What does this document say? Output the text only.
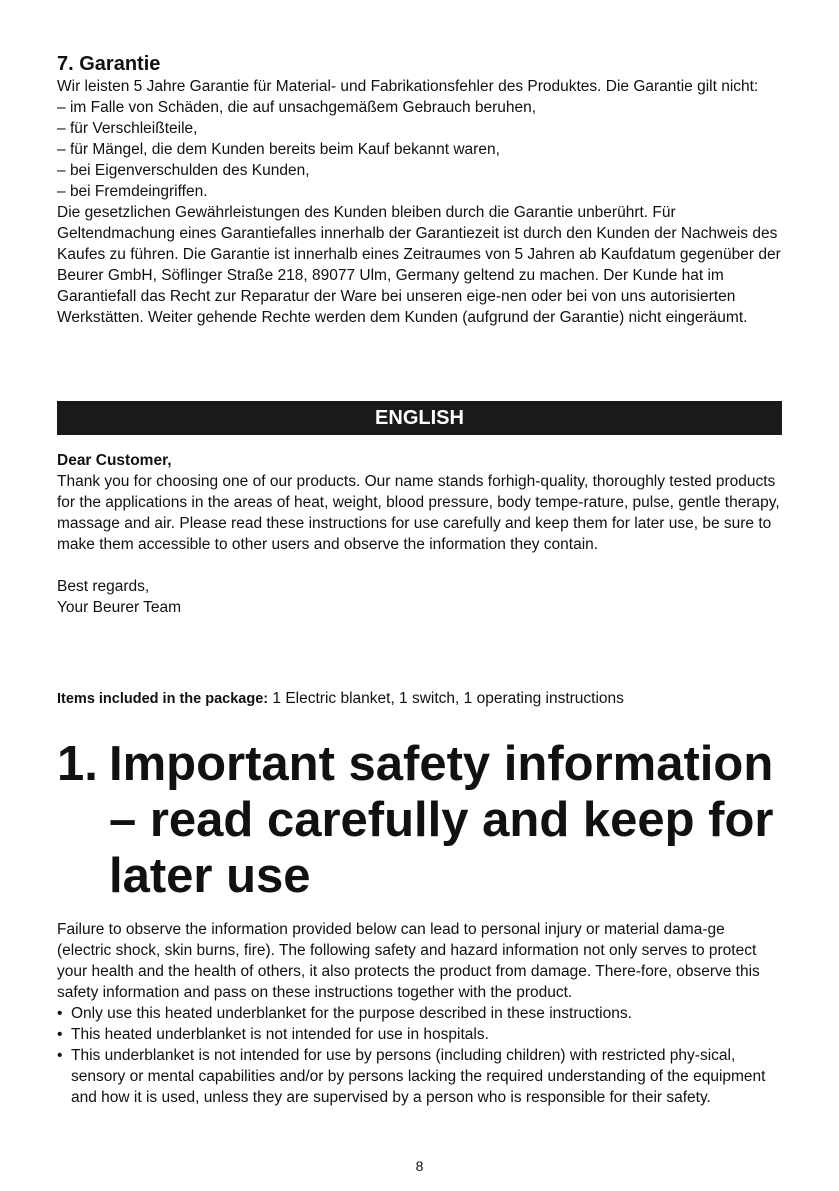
7. Garantie

Wir leisten 5 Jahre Garantie für Material- und Fabrikationsfehler des Produktes. Die Garantie gilt nicht:

– im Falle von Schäden, die auf unsachgemäßem Gebrauch beruhen,
– für Verschleißteile,
– für Mängel, die dem Kunden bereits beim Kauf bekannt waren,
– bei Eigenverschulden des Kunden,
– bei Fremdeingriffen.

Die gesetzlichen Gewährleistungen des Kunden bleiben durch die Garantie unberührt. Für Geltendmachung eines Garantiefalles innerhalb der Garantiezeit ist durch den Kunden der Nachweis des Kaufes zu führen. Die Garantie ist innerhalb eines Zeitraumes von 5 Jahren ab Kaufdatum gegenüber der Beurer GmbH, Söflinger Straße 218, 89077 Ulm, Germany geltend zu machen. Der Kunde hat im Garantiefall das Recht zur Reparatur der Ware bei unseren eige-nen oder bei von uns autorisierten Werkstätten. Weiter gehende Rechte werden dem Kunden (aufgrund der Garantie) nicht eingeräumt.

ENGLISH

Dear Customer,

Thank you for choosing one of our products. Our name stands forhigh-quality, thoroughly tested products for the applications in the areas of heat, weight, blood pressure, body tempe-rature, pulse, gentle therapy, massage and air. Please read these instructions for use carefully and keep them for later use, be sure to make them accessible to other users and observe the information they contain.

Best regards,

Your Beurer Team

Items included in the package: 1 Electric blanket, 1 switch, 1 operating instructions
1. Important safety information – read carefully and keep for later use

Failure to observe the information provided below can lead to personal injury or material dama-ge (electric shock, skin burns, fire). The following safety and hazard information not only serves to protect your health and the health of others, it also protects the product from damage. There-fore, observe this safety information and pass on these instructions together with the product.

• Only use this heated underblanket for the purpose described in these instructions.
• This heated underblanket is not intended for use in hospitals.
• This underblanket is not intended for use by persons (including children) with restricted phy-sical, sensory or mental capabilities and/or by persons lacking the required understanding of the equipment and how it is used, unless they are supervised by a person who is responsible for their safety.
8
